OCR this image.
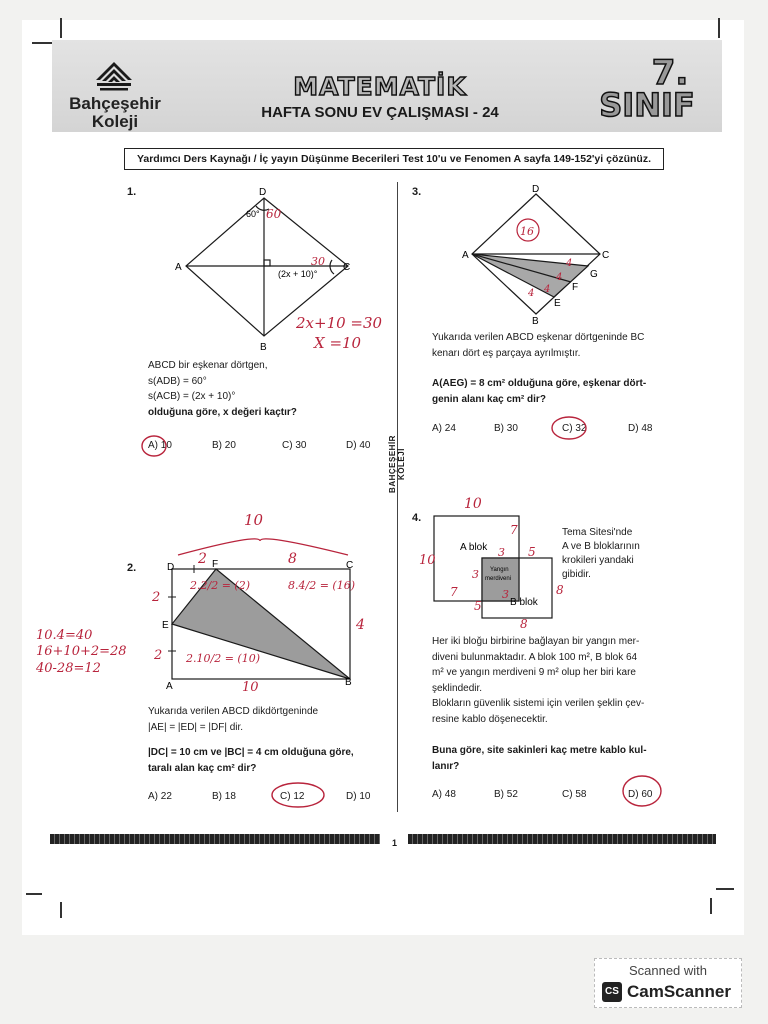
Bahçeşehir
Koleji
MATEMATİK
HAFTA SONU EV ÇALIŞMASI - 24
7.
SINIF
Yardımcı Ders Kaynağı / İç yayın Düşünme Becerileri Test 10'u ve Fenomen A sayfa 149-152'yi çözünüz.
BAHÇEŞEHİR KOLEJİ
1.	D
A
B
C
60°
(2x + 10)°
60
30
2x+10 =30
X =10
ABCD bir eşkenar dörtgen,
s(ADB) = 60°
s(ACB) = (2x + 10)°
olduğuna göre, x değeri kaçtır?
A) 10	B) 20	C) 30	D) 40
2.	D	F	C
E
A	B
10
2	8
2.2/2 = (2)	8.4/2 = (16)
2.10/2 = (10)
4
10
2
2
10.4=40
16+10+2=28
40-28=12
Yukarıda verilen ABCD dikdörtgeninde
|AE| = |ED| = |DF| dir.
|DC| = 10 cm ve |BC| = 4 cm olduğuna göre,
taralı alan kaç cm² dir?
A) 22	B) 18	C) 12	D) 10
3.	D
A	C
G
F
E
B
16
4
4
4
4
Yukarıda verilen ABCD eşkenar dörtgeninde BC
kenarı dört eş parçaya ayrılmıştır.
A(AEG) = 8 cm² olduğuna göre, eşkenar dört-
genin alanı kaç cm² dir?
A) 24	B) 30	C) 32	D) 48
4.
A blok
B blok
Yangın
merdiveni
10
10
7
3 5
3
3	8
7
5
8
Tema Sitesi'nde
A ve B bloklarının
krokileri yandaki
gibidir.
Her iki bloğu birbirine bağlayan bir yangın mer-
diveni bulunmaktadır. A blok 100 m², B blok 64
m² ve yangın merdiveni 9 m² olup her biri kare
şeklindedir.
Blokların güvenlik sistemi için verilen şeklin çev-
resine kablo döşenecektir.
Buna göre, site sakinleri kaç metre kablo kul-
lanır?
A) 48	B) 52	C) 58	D) 60
1
Scanned with
CS CamScanner
